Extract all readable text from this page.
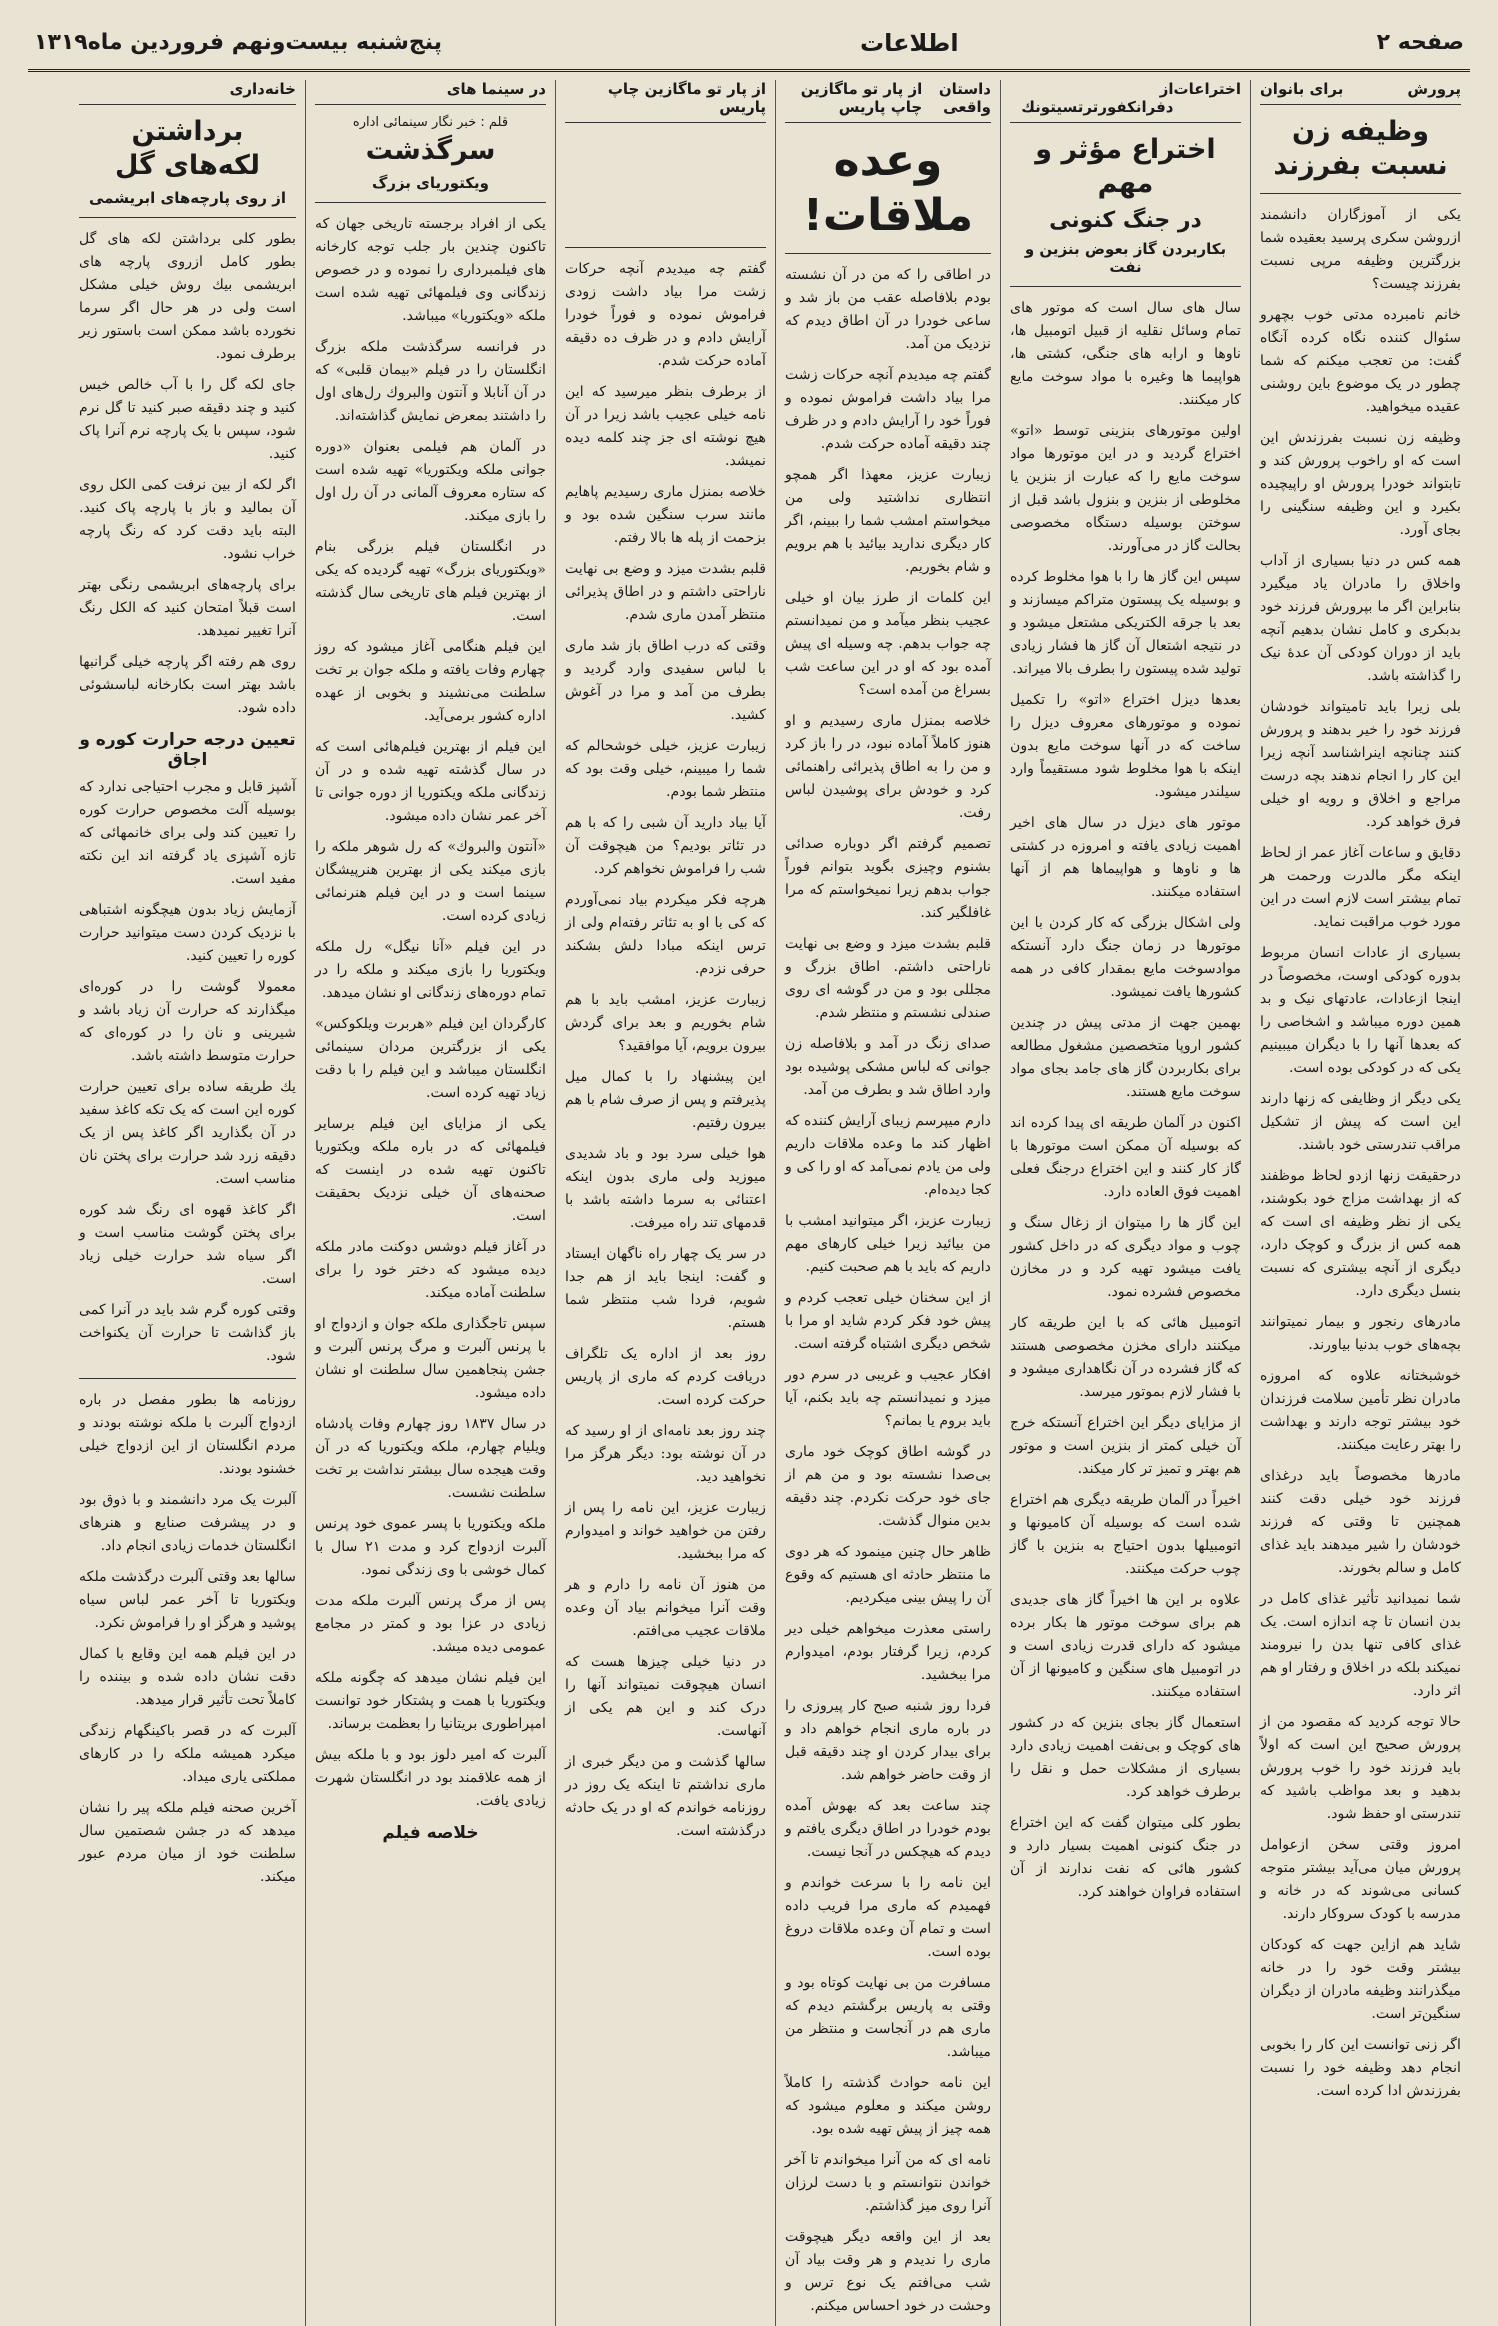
صفحه ۲
اطلاعات
پنج‌شنبه بیست‌ونهم فروردین ماه۱۳۱۹
پرورش
برای بانوان
وظیفه زن نسبت بفرزند

یکی از آموزگاران دانشمند ازروشن سکری پرسید بعقیده شما بزرگترین وظیفه مرپی نسبت بفرزند چیست؟

خانم نامبرده مدتی خوب بچهرو سئوال کننده نگاه کرده آنگاه گفت: من تعجب میکنم که شما چطور در یک موضوع باین روشنی عقیده میخواهید.

وظیفه زن نسبت بفرزندش این است که او راخوب پرورش کند و تابتواند خودرا پرورش او راپیچیده بکیرد و این وظیفه سنگینی را بجای آورد.

همه کس در دنیا بسیاری از آداب واخلاق را مادران یاد میگیرد بنابراین اگر ما بپرورش فرزند خود بدبکری و کامل نشان بدهیم آنچه باید از دوران کودکی آن عدهٔ نیک را گذاشته باشد.

بلی زیرا باید تامیتواند خودشان فرزند خود را خیر بدهند و پرورش کنند چنانچه اینراشناسد آنچه زیرا این کار را انجام ندهند بچه درست مراجع و اخلاق و رویه او خیلی فرق خواهد کرد.

دقایق و ساعات آغاز عمر از لحاظ اینکه مگر مالدرت ورحمت هر تمام بیشتر است لازم است در این مورد خوب مراقبت نماید.

بسیاری از عادات انسان مربوط بدوره کودکی اوست، مخصوصاً در اینجا ازعادات، عادتهای نیک و بد همین دوره میباشد و اشخاصی را که بعدها آنها را با دیگران میبینیم یکی که در کودکی بوده است.

یکی دیگر از وظایفی که زنها دارند این است که پیش از تشکیل مراقب تندرستی خود باشند.

درحقیقت زنها ازدو لحاظ موظفند که از بهداشت مزاج خود بکوشند، یکی از نظر وظیفه ای است که همه کس از بزرگ و کوچک دارد، دیگری از آنچه بیشتری که نسبت بنسل دیگری دارد.

مادرهای رنجور و بیمار نمیتوانند بچه‌های خوب بدنیا بیاورند.

خوشبختانه علاوه که امروزه مادران نظر تأمین سلامت فرزندان خود بیشتر توجه دارند و بهداشت را بهتر رعایت میکنند.

مادرها مخصوصاً باید درغذای فرزند خود خیلی دقت کنند همچنین تا وقتی که فرزند خودشان را شیر میدهند باید غذای کامل و سالم بخورند.

شما نمیدانید تأثیر غذای کامل در بدن انسان تا چه اندازه است. یک غذای کافی تنها بدن را نیرومند نمیکند بلکه در اخلاق و رفتار او هم اثر دارد.

حالا توجه کردید که مقصود من از پرورش صحیح این است که اولاً باید فرزند خود را خوب پرورش بدهید و بعد مواظب باشید که تندرستی او حفظ شود.

امروز وقتی سخن ازعوامل پرورش میان می‌آید بیشتر متوجه کسانی می‌شوند که در خانه و مدرسه با کودک سروکار دارند.

شاید هم ازاین جهت که کودکان بیشتر وقت خود را در خانه میگذرانند وظیفه مادران از دیگران سنگین‌تر است.

اگر زنی توانست این کار را بخوبی انجام دهد وظیفه خود را نسبت بفرزندش ادا کرده است.

اختراعات
از دفرانکفورترتسیتونك
اختراع مؤثر و مهم
در جنگ کنونی
بکاربردن گاز بعوض بنزین و نفت

سال های سال است که موتور های تمام وسائل نقلیه از قبیل اتومبیل ها، ناوها و ارابه های جنگی، کشتی ها، هواپیما ها وغیره با مواد سوخت مایع کار میکنند.

اولین موتورهای بنزینی توسط «اتو» اختراع گردید و در این موتورها مواد سوخت مایع را که عبارت از بنزین یا مخلوطی از بنزین و بنزول باشد قبل از سوختن بوسیله دستگاه مخصوصی بحالت گاز در می‌آورند.

سپس این گاز ها را با هوا مخلوط کرده و بوسیله یک پیستون متراکم میسازند و بعد با جرقه الکتریکی مشتعل میشود و در نتیجه اشتعال آن گاز ها فشار زیادی تولید شده پیستون را بطرف بالا میراند.

بعدها دیزل اختراع «اتو» را تکمیل نموده و موتورهای معروف دیزل را ساخت که در آنها سوخت مایع بدون اینکه با هوا مخلوط شود مستقیماً وارد سیلندر میشود.

موتور های دیزل در سال های اخیر اهمیت زیادی یافته و امروزه در کشتی ها و ناوها و هواپیماها هم از آنها استفاده میکنند.

ولی اشکال بزرگی که کار کردن با این موتورها در زمان جنگ دارد آنستکه موادسوخت مایع بمقدار کافی در همه کشورها یافت نمیشود.

بهمین جهت از مدتی پیش در چندین کشور اروپا متخصصین مشغول مطالعه برای بکاربردن گاز های جامد بجای مواد سوخت مایع هستند.

اکنون در آلمان طریقه ای پیدا کرده اند که بوسیله آن ممکن است موتورها با گاز کار کنند و این اختراع درجنگ فعلی اهمیت فوق العاده دارد.

این گاز ها را میتوان از زغال سنگ و چوب و مواد دیگری که در داخل کشور یافت میشود تهیه کرد و در مخازن مخصوص فشرده نمود.

اتومبیل هائی که با این طریقه کار میکنند دارای مخزن مخصوصی هستند که گاز فشرده در آن نگاهداری میشود و با فشار لازم بموتور میرسد.

از مزایای دیگر این اختراع آنستکه خرج آن خیلی کمتر از بنزین است و موتور هم بهتر و تمیز تر کار میکند.

اخیراً در آلمان طریقه دیگری هم اختراع شده است که بوسیله آن کامیونها و اتومبیلها بدون احتیاج به بنزین با گاز چوب حرکت میکنند.

علاوه بر این ها اخیراً گاز های جدیدی هم برای سوخت موتور ها بکار برده میشود که دارای قدرت زیادی است و در اتومبیل های سنگین و کامیونها از آن استفاده میکنند.

استعمال گاز بجای بنزین که در کشور های کوچک و بی‌نفت اهمیت زیادی دارد بسیاری از مشکلات حمل و نقل را برطرف خواهد کرد.

بطور کلی میتوان گفت که این اختراع در جنگ کنونی اهمیت بسیار دارد و کشور هائی که نفت ندارند از آن استفاده فراوان خواهند کرد.

داستان واقعی
از پار تو ماگازین چاپ پاریس
وعده ملاقات!

در اطاقی را که من در آن نشسته بودم بلافاصله عقب من باز شد و ساعی خودرا در آن اطاق دیدم که نزدیک من آمد.

گفتم چه میدیدم آنچه حرکات زشت مرا بیاد داشت فراموش نموده و فوراً خود را آرایش دادم و در ظرف چند دقیقه آماده حرکت شدم.

زیبارت عزیز، معهذا اگر همچو انتظاری نداشتید ولی من میخواستم امشب شما را ببینم، اگر کار دیگری ندارید بیائید با هم برویم و شام بخوریم.

این کلمات از طرز بیان او خیلی عجیب بنظر میآمد و من نمیدانستم چه جواب بدهم. چه وسیله ای پیش آمده بود که او در این ساعت شب بسراغ من آمده است؟

خلاصه بمنزل ماری رسیدیم و او هنوز کاملاً آماده نبود، در را باز کرد و من را به اطاق پذیرائی راهنمائی کرد و خودش برای پوشیدن لباس رفت.

تصمیم گرفتم اگر دوباره صدائی بشنوم وچیزی بگوید بتوانم فوراً جواب بدهم زیرا نمیخواستم که مرا غافلگیر کند.

قلبم بشدت میزد و وضع بی نهایت ناراحتی داشتم. اطاق بزرگ و مجللی بود و من در گوشه ای روی صندلی نشستم و منتظر شدم.

صدای زنگ در آمد و بلافاصله زن جوانی که لباس مشکی پوشیده بود وارد اطاق شد و بطرف من آمد.

دارم میپرسم زیبای آرایش کننده که اظهار کند ما وعده ملاقات داریم ولی من یادم نمی‌آمد که او را کی و کجا دیده‌ام.

زیبارت عزیز، اگر میتوانید امشب با من بیائید زیرا خیلی کارهای مهم داریم که باید با هم صحبت کنیم.

از این سخنان خیلی تعجب کردم و پیش خود فکر کردم شاید او مرا با شخص دیگری اشتباه گرفته است.

افکار عجیب و غریبی در سرم دور میزد و نمیدانستم چه باید بکنم، آیا باید بروم یا بمانم؟

در گوشه اطاق کوچک خود ماری بی‌صدا نشسته بود و من هم از جای خود حرکت نکردم. چند دقیقه بدین منوال گذشت.

ظاهر حال چنین مینمود که هر دوی ما منتظر حادثه ای هستیم که وقوع آن را پیش بینی میکردیم.

راستی معذرت میخواهم خیلی دیر کردم، زیرا گرفتار بودم، امیدوارم مرا ببخشید.

فردا روز شنبه صبح کار پیروزی را در باره ماری انجام خواهم داد و برای بیدار کردن او چند دقیقه قبل از وقت حاضر خواهم شد.

چند ساعت بعد که بهوش آمده بودم خودرا در اطاق دیگری یافتم و دیدم که هیچکس در آنجا نیست.

این نامه را با سرعت خواندم و فهمیدم که ماری مرا فریب داده است و تمام آن وعده ملاقات دروغ بوده است.

مسافرت من بی نهایت کوتاه بود و وقتی به پاریس برگشتم دیدم که ماری هم در آنجاست و منتظر من میباشد.

این نامه حوادث گذشته را کاملاً روشن میکند و معلوم میشود که همه چیز از پیش تهیه شده بود.

نامه ای که من آنرا میخواندم تا آخر خواندن نتوانستم و با دست لرزان آنرا روی میز گذاشتم.

بعد از این واقعه دیگر هیچوقت ماری را ندیدم و هر وقت بیاد آن شب می‌افتم یک نوع ترس و وحشت در خود احساس میکنم.

از پار تو ماگازین چاپ پاریس

گفتم چه میدیدم آنچه حرکات زشت مرا بیاد داشت زودی فراموش نموده و فوراً خودرا آرایش دادم و در ظرف ده دقیقه آماده حرکت شدم.

از برطرف بنظر میرسید که این نامه خیلی عجیب باشد زیرا در آن هیچ نوشته ای جز چند کلمه دیده نمیشد.

خلاصه بمنزل ماری رسیدیم پاهایم مانند سرب سنگین شده بود و بزحمت از پله ها بالا رفتم.

قلبم بشدت میزد و وضع بی نهایت ناراحتی داشتم و در اطاق پذیرائی منتظر آمدن ماری شدم.

وقتی که درب اطاق باز شد ماری با لباس سفیدی وارد گردید و بطرف من آمد و مرا در آغوش کشید.

زیبارت عزیز، خیلی خوشحالم که شما را میبینم، خیلی وقت بود که منتظر شما بودم.

آیا بیاد دارید آن شبی را که با هم در تئاتر بودیم؟ من هیچوقت آن شب را فراموش نخواهم کرد.

هرچه فکر میکردم بیاد نمی‌آوردم که کی با او به تئاتر رفته‌ام ولی از ترس اینکه مبادا دلش بشکند حرفی نزدم.

زیبارت عزیز، امشب باید با هم شام بخوریم و بعد برای گردش بیرون برویم، آیا موافقید؟

این پیشنهاد را با کمال میل پذیرفتم و پس از صرف شام با هم بیرون رفتیم.

هوا خیلی سرد بود و باد شدیدی میوزید ولی ماری بدون اینکه اعتنائی به سرما داشته باشد با قدمهای تند راه میرفت.

در سر یک چهار راه ناگهان ایستاد و گفت: اینجا باید از هم جدا شویم، فردا شب منتظر شما هستم.

روز بعد از اداره یک تلگراف دریافت کردم که ماری از پاریس حرکت کرده است.

چند روز بعد نامه‌ای از او رسید که در آن نوشته بود: دیگر هرگز مرا نخواهید دید.

زیبارت عزیز، این نامه را پس از رفتن من خواهید خواند و امیدوارم که مرا ببخشید.

من هنوز آن نامه را دارم و هر وقت آنرا میخوانم بیاد آن وعده ملاقات عجیب می‌افتم.

در دنیا خیلی چیزها هست که انسان هیچوقت نمیتواند آنها را درک کند و این هم یکی از آنهاست.

سالها گذشت و من دیگر خبری از ماری نداشتم تا اینکه یک روز در روزنامه خواندم که او در یک حادثه درگذشته است.

در سینما های
قلم : خبر نگار سینمائی اداره
سرگذشت
ویکتوریای بزرگ

یکی از افراد برجسته تاریخی جهان که تاکنون چندین بار جلب توجه کارخانه های فیلمبرداری را نموده و در خصوص زندگانی وی فیلمهائی تهیه شده است ملکه «ویکتوریا» میباشد.

در فرانسه سرگذشت ملکه بزرگ انگلستان را در فیلم «بیمان قلبی» که در آن آنابلا و آنتون والبروك رل‌های اول را داشتند بمعرض نمایش گذاشته‌اند.

در آلمان هم فیلمی بعنوان «دوره جوانی ملکه ویکتوریا» تهیه شده است که ستاره معروف آلمانی در آن رل اول را بازی میکند.

در انگلستان فیلم بزرگی بنام «ویکتوریای بزرگ» تهیه گردیده که یکی از بهترین فیلم های تاریخی سال گذشته است.

این فیلم هنگامی آغاز میشود که روز چهارم وفات یافته و ملکه جوان بر تخت سلطنت می‌نشیند و بخوبی از عهده اداره کشور برمی‌آید.

این فیلم از بهترین فیلم‌هائی است که در سال گذشته تهیه شده و در آن زندگانی ملکه ویکتوریا از دوره جوانی تا آخر عمر نشان داده میشود.

«آنتون والبروك» که رل شوهر ملکه را بازی میکند یکی از بهترین هنرپیشگان سینما است و در این فیلم هنرنمائی زیادی کرده است.

در این فیلم «آنا نیگل» رل ملکه ویکتوریا را بازی میکند و ملکه را در تمام دوره‌های زندگانی او نشان میدهد.

کارگردان این فیلم «هربرت ویلکوکس» یکی از بزرگترین مردان سینمائی انگلستان میباشد و این فیلم را با دقت زیاد تهیه کرده است.

یکی از مزایای این فیلم برسایر فیلمهائی که در باره ملکه ویکتوریا تاکنون تهیه شده در اینست که صحنه‌های آن خیلی نزدیک بحقیقت است.

در آغاز فیلم دوشس دوکنت مادر ملکه دیده میشود که دختر خود را برای سلطنت آماده میکند.

سپس تاجگذاری ملکه جوان و ازدواج او با پرنس آلبرت و مرگ پرنس آلبرت و جشن پنجاهمین سال سلطنت او نشان داده میشود.

در سال ۱۸۳۷ روز چهارم وفات پادشاه ویلیام چهارم، ملکه ویکتوریا که در آن وقت هیجده سال بیشتر نداشت بر تخت سلطنت نشست.

ملکه ویکتوریا با پسر عموی خود پرنس آلبرت ازدواج کرد و مدت ۲۱ سال با کمال خوشی با وی زندگی نمود.

پس از مرگ پرنس آلبرت ملکه مدت زیادی در عزا بود و کمتر در مجامع عمومی دیده میشد.

این فیلم نشان میدهد که چگونه ملکه ویکتوریا با همت و پشتکار خود توانست امپراطوری بریتانیا را بعظمت برساند.

آلبرت که امیر دلوز بود و با ملکه بیش از همه علاقمند بود در انگلستان شهرت زیادی یافت.

خلاصه فیلم
خانه‌داری
برداشتن لکه‌های گل
از روی پارچه‌های ابریشمی

بطور کلی برداشتن لکه های گل بطور کامل ازروی پارچه های ابریشمی بیك روش خیلی مشکل است ولی در هر حال اگر سرما نخورده باشد ممکن است باستور زیر برطرف نمود.

جای لکه گل را با آب خالص خیس کنید و چند دقیقه صبر کنید تا گل نرم شود، سپس با یک پارچه نرم آنرا پاک کنید.

اگر لکه از بین نرفت کمی الکل روی آن بمالید و باز با پارچه پاک کنید. البته باید دقت کرد که رنگ پارچه خراب نشود.

برای پارچه‌های ابریشمی رنگی بهتر است قبلاً امتحان کنید که الکل رنگ آنرا تغییر نمیدهد.

روی هم رفته اگر پارچه خیلی گرانبها باشد بهتر است بکارخانه لباسشوئی داده شود.

تعیین درجه حرارت کوره و اجاق

آشپز قابل و مجرب احتیاجی ندارد که بوسیله آلت مخصوص حرارت کوره را تعیین کند ولی برای خانمهائی که تازه آشپزی یاد گرفته اند این نکته مفید است.

آزمایش زیاد بدون هیچگونه اشتباهی با نزدیک کردن دست میتوانید حرارت کوره را تعیین کنید.

معمولا گوشت را در کوره‌ای میگذارند که حرارت آن زیاد باشد و شیرینی و نان را در کوره‌ای که حرارت متوسط داشته باشد.

یك طریقه ساده برای تعیین حرارت کوره این است که یک تکه کاغذ سفید در آن بگذارید اگر کاغذ پس از یک دقیقه زرد شد حرارت برای پختن نان مناسب است.

اگر کاغذ قهوه ای رنگ شد کوره برای پختن گوشت مناسب است و اگر سیاه شد حرارت خیلی زیاد است.

وقتی کوره گرم شد باید در آنرا کمی باز گذاشت تا حرارت آن یکنواخت شود.

روزنامه ها بطور مفصل در باره ازدواج آلبرت با ملکه نوشته بودند و مردم انگلستان از این ازدواج خیلی خشنود بودند.

آلبرت یک مرد دانشمند و با ذوق بود و در پیشرفت صنایع و هنرهای انگلستان خدمات زیادی انجام داد.

سالها بعد وقتی آلبرت درگذشت ملکه ویکتوریا تا آخر عمر لباس سیاه پوشید و هرگز او را فراموش نکرد.

در این فیلم همه این وقایع با کمال دقت نشان داده شده و بیننده را کاملاً تحت تأثیر قرار میدهد.

آلبرت که در قصر باکینگهام زندگی میکرد همیشه ملکه را در کارهای مملکتی یاری میداد.

آخرین صحنه فیلم ملکه پیر را نشان میدهد که در جشن شصتمین سال سلطنت خود از میان مردم عبور میکند.
